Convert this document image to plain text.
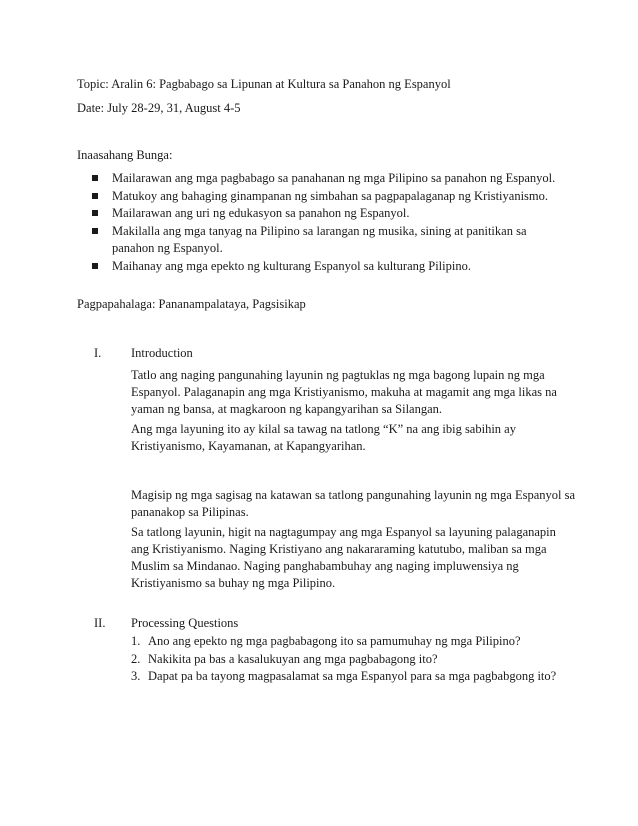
Topic: Aralin 6: Pagbabago sa Lipunan at Kultura sa Panahon ng Espanyol
Date: July 28-29, 31, August 4-5
Inaasahang Bunga:
Mailarawan ang mga pagbabago sa panahanan ng mga Pilipino sa panahon ng Espanyol.
Matukoy ang bahaging ginampanan ng simbahan sa pagpapalaganap ng Kristiyanismo.
Mailarawan ang uri ng edukasyon sa panahon ng Espanyol.
Makilalla ang mga tanyag na Pilipino sa larangan ng musika, sining at panitikan sa panahon ng Espanyol.
Maihanay ang mga epekto ng kulturang Espanyol sa kulturang Pilipino.
Pagpapahalaga: Pananampalataya, Pagsisikap
I. Introduction
Tatlo ang naging pangunahing layunin ng pagtuklas ng mga bagong lupain ng mga Espanyol. Palaganapin ang mga Kristiyanismo, makuha at magamit ang mga likas na yaman ng bansa, at magkaroon ng kapangyarihan sa Silangan.
Ang mga layuning ito ay kilal sa tawag na tatlong “K” na ang ibig sabihin ay Kristiyanismo, Kayamanan, at Kapangyarihan.
Magisip ng mga sagisag na katawan sa tatlong pangunahing layunin ng mga Espanyol sa pananakop sa Pilipinas.
Sa tatlong layunin, higit na nagtagumpay ang mga Espanyol sa layuning palaganapin ang Kristiyanismo. Naging Kristiyano ang nakararaming katutubo, maliban sa mga Muslim sa Mindanao. Naging panghabambuhay ang naging impluwensiya ng Kristiyanismo sa buhay ng mga Pilipino.
II. Processing Questions
1. Ano ang epekto ng mga pagbabagong ito sa pamumuhay ng mga Pilipino?
2. Nakikita pa bas a kasalukuyan ang mga pagbabagong ito?
3. Dapat pa ba tayong magpasalamat sa mga Espanyol para sa mga pagbabgong ito?
